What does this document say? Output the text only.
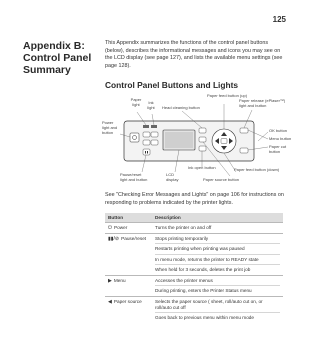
125
Appendix B:
Control Panel
Summary

This Appendix summarizes the functions of the control panel buttons (below), describes the informational messages and icons you may see on the LCD display (see page 127), and lists the available menu settings (see page 128).

Control Panel Buttons and Lights
Paper
light	Ink
light	Head cleaning button
Paper feed button (up)
Paper release (ePlaser™)
light and button
Power
light and
button	OK button
Menu button
Paper cut
button
Ink open button	Paper feed button (down)
Pause/reset
light and button
LCD
display	Paper source button

See "Checking Error Messages and Lights" on page 106 for instructions on responding to problems indicated by the printer lights.

Button	Description
⏻ Power	Turns the printer on and off

▮▮/⊘ Pause/reset	Stops printing temporarily
Restarts printing when printing was paused
In menu mode, returns the printer to READY state
When held for 3 seconds, deletes the print job

▶ Menu	Accesses the printer menus
During printing, enters the Printer Status menu

◀ Paper source	Selects the paper source ( sheet, roll/auto cut on, or roll/auto cut off
Goes back to previous menu within menu mode
